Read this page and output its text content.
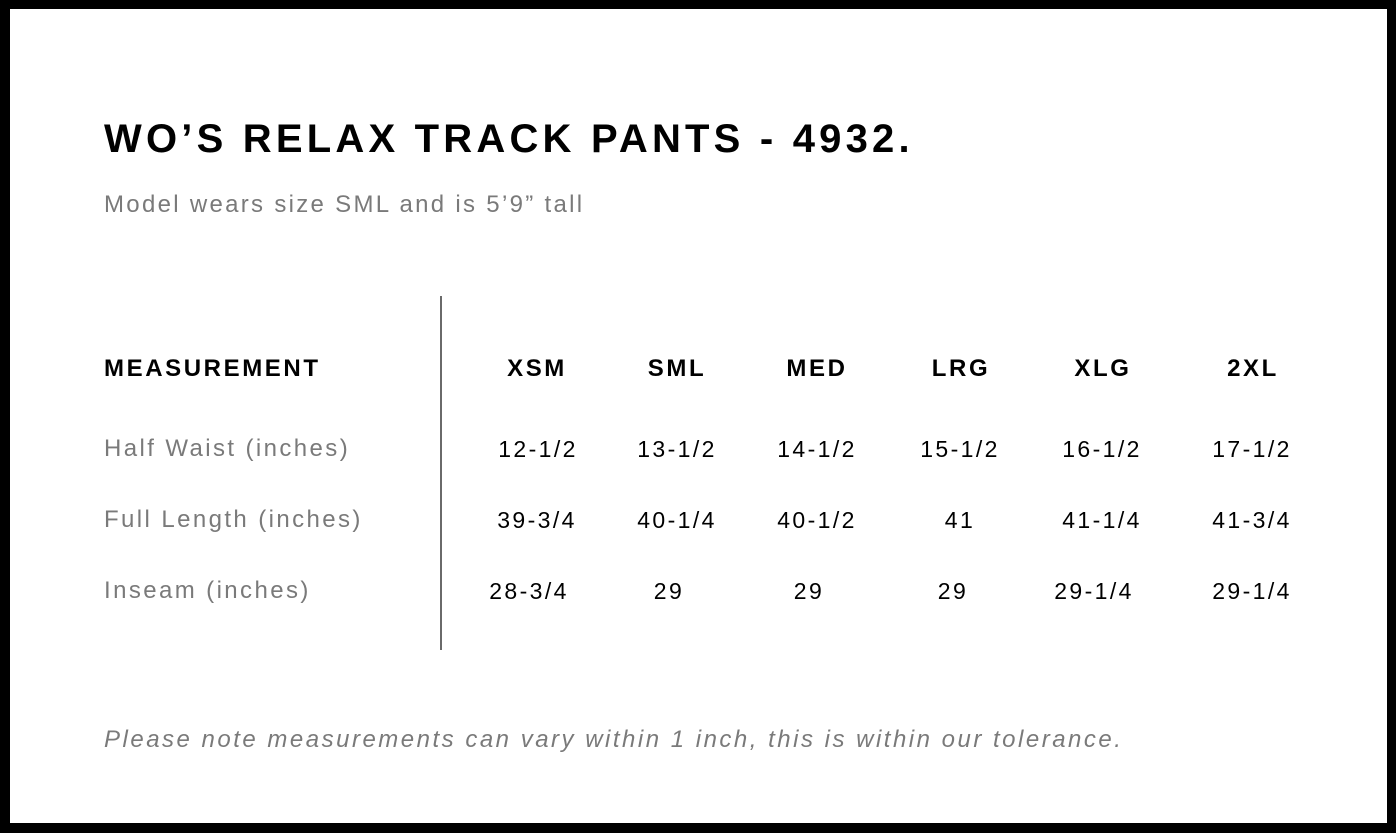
WO’S RELAX TRACK PANTS - 4932.
Model wears size SML and is 5’9” tall
MEASUREMENT	XSM	SML	MED	LRG	XLG	2XL
Half Waist (inches)	12-1/2	13-1/2	14-1/2	15-1/2	16-1/2	17-1/2
Full Length (inches)	39-3/4	40-1/4	40-1/2	41	41-1/4	41-3/4
Inseam (inches)	28-3/4	29	29	29	29-1/4	29-1/4
Please note measurements can vary within 1 inch, this is within our tolerance.
